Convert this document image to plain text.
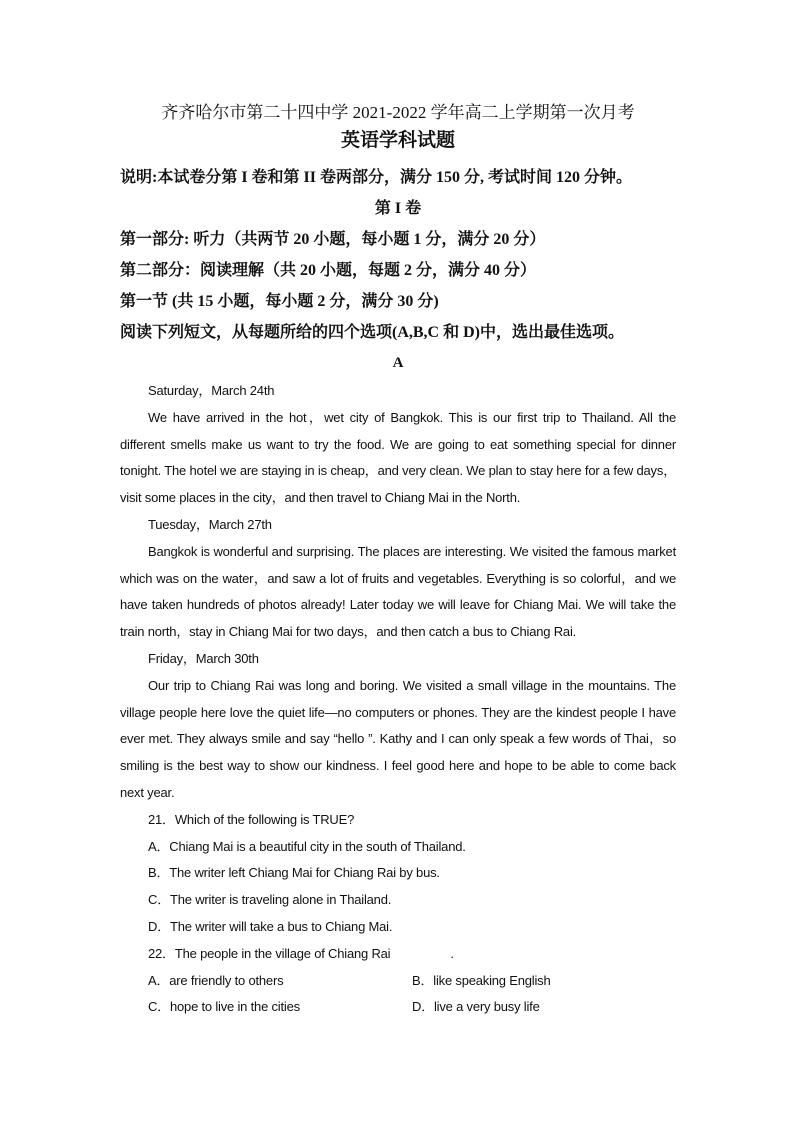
齐齐哈尔市第二十四中学 2021-2022 学年高二上学期第一次月考
英语学科试题
说明:本试卷分第 I 卷和第 II 卷两部分，满分 150 分, 考试时间 120 分钟。
第 I 卷
第一部分: 听力（共两节 20 小题，每小题 1 分，满分 20 分）
第二部分：阅读理解（共 20 小题，每题 2 分，满分 40 分）
第一节 (共 15 小题，每小题 2 分，满分 30 分)
阅读下列短文，从每题所给的四个选项(A,B,C 和 D)中，选出最佳选项。
A
Saturday，March 24th
We have arrived in the hot，wet city of Bangkok. This is our first trip to Thailand. All the different smells make us want to try the food. We are going to eat something special for dinner tonight. The hotel we are staying in is cheap，and very clean. We plan to stay here for a few days，visit some places in the city，and then travel to Chiang Mai in the North.
Tuesday，March 27th
Bangkok is wonderful and surprising. The places are interesting. We visited the famous market which was on the water，and saw a lot of fruits and vegetables. Everything is so colorful，and we have taken hundreds of photos already! Later today we will leave for Chiang Mai. We will take the train north，stay in Chiang Mai for two days，and then catch a bus to Chiang Rai.
Friday，March 30th
Our trip to Chiang Rai was long and boring. We visited a small village in the mountains. The village people here love the quiet life—no computers or phones. They are the kindest people I have ever met. They always smile and say “hello ”. Kathy and I can only speak a few words of Thai，so smiling is the best way to show our kindness. I feel good here and hope to be able to come back next year.
21．Which of the following is TRUE?
A．Chiang Mai is a beautiful city in the south of Thailand.
B．The writer left Chiang Mai for Chiang Rai by bus.
C．The writer is traveling alone in Thailand.
D．The writer will take a bus to Chiang Mai.
22．The people in the village of Chiang Rai	.
A．are friendly to others	B．like speaking English
C．hope to live in the cities	D．live a very busy life
